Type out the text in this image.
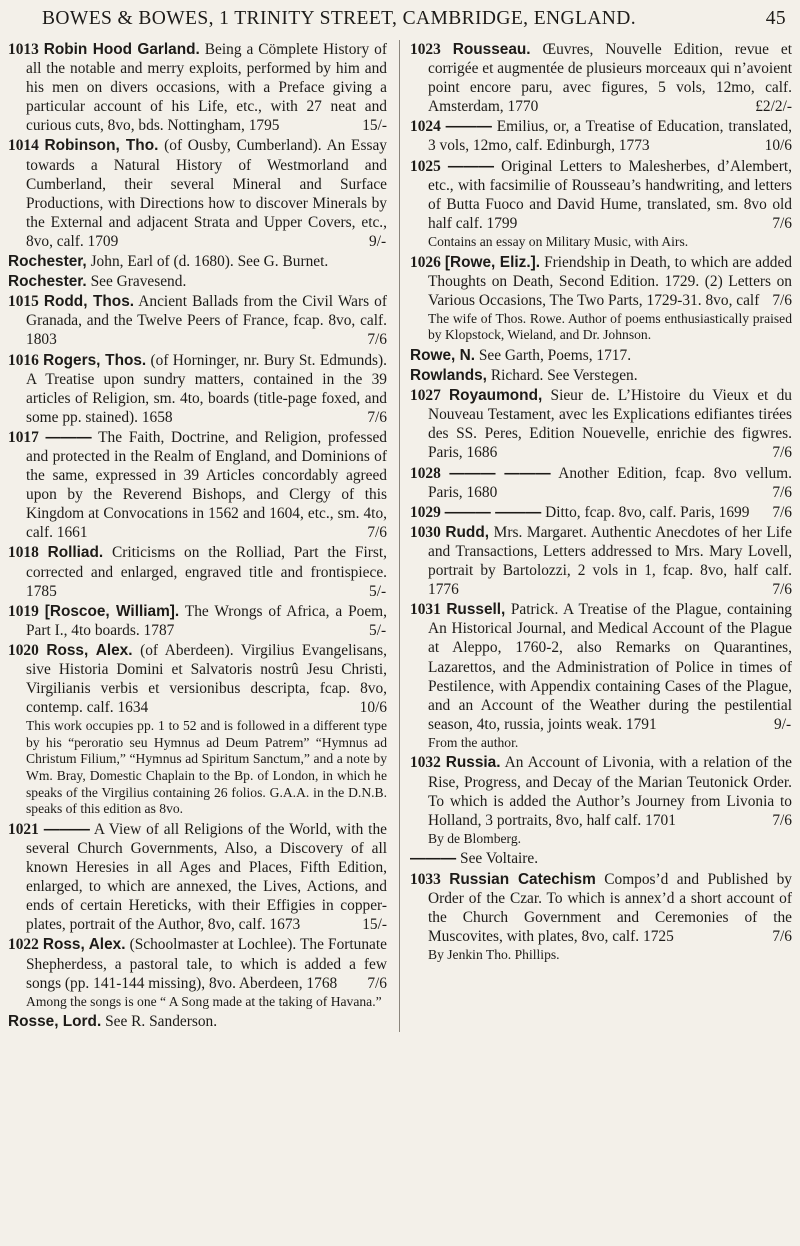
BOWES & BOWES, 1 TRINITY STREET, CAMBRIDGE, ENGLAND.	45

1013 Robin Hood Garland. Being a Cömplete History of all the notable and merry exploits, performed by him and his men on divers occasions, with a Preface giving a particular account of his Life, etc., with 27 neat and curious cuts, 8vo, bds. Nottingham, 1795	15/-

1014 Robinson, Tho. (of Ousby, Cumberland). An Essay towards a Natural History of Westmorland and Cumberland, their several Mineral and Surface Productions, with Directions how to discover Minerals by the External and adjacent Strata and Upper Covers, etc., 8vo, calf. 1709	9/-

Rochester, John, Earl of (d. 1680). See G. Burnet.

Rochester. See Gravesend.

1015 Rodd, Thos. Ancient Ballads from the Civil Wars of Granada, and the Twelve Peers of France, fcap. 8vo, calf. 1803	7/6

1016 Rogers, Thos. (of Horninger, nr. Bury St. Edmunds). A Treatise upon sundry matters, contained in the 39 articles of Religion, sm. 4to, boards (title-page foxed, and some pp. stained). 1658	7/6

1017 ——— The Faith, Doctrine, and Religion, professed and protected in the Realm of England, and Dominions of the same, expressed in 39 Articles concordably agreed upon by the Reverend Bishops, and Clergy of this Kingdom at Convocations in 1562 and 1604, etc., sm. 4to, calf. 1661	7/6

1018 Rolliad. Criticisms on the Rolliad, Part the First, corrected and enlarged, engraved title and frontispiece. 1785	5/-

1019 [Roscoe, William]. The Wrongs of Africa, a Poem, Part I., 4to boards. 1787	5/-

1020 Ross, Alex. (of Aberdeen). Virgilius Evangelisans, sive Historia Domini et Salvatoris nostrû Jesu Christi, Virgilianis verbis et versionibus descripta, fcap. 8vo, contemp. calf. 1634	10/6

This work occupies pp. 1 to 52 and is followed in a different type by his “peroratio seu Hymnus ad Deum Patrem” “Hymnus ad Christum Filium,” “Hymnus ad Spiritum Sanctum,” and a note by Wm. Bray, Domestic Chaplain to the Bp. of London, in which he speaks of the Virgilius containing 26 folios. G.A.A. in the D.N.B. speaks of this edition as 8vo.

1021 ——— A View of all Religions of the World, with the several Church Governments, Also, a Discovery of all known Heresies in all Ages and Places, Fifth Edition, enlarged, to which are annexed, the Lives, Actions, and ends of certain Hereticks, with their Effigies in copper-plates, portrait of the Author, 8vo, calf. 1673	15/-

1022 Ross, Alex. (Schoolmaster at Lochlee). The Fortunate Shepherdess, a pastoral tale, to which is added a few songs (pp. 141-144 missing), 8vo. Aberdeen, 1768 7/6

Among the songs is one “ A Song made at the taking of Havana.”

Rosse, Lord. See R. Sanderson.

1023 Rousseau. Œuvres, Nouvelle Edition, revue et corrigée et augmentée de plusieurs morceaux qui n’avoient point encore paru, avec figures, 5 vols, 12mo, calf. Amsterdam, 1770	£2/2/-

1024 ——— Emilius, or, a Treatise of Education, translated, 3 vols, 12mo, calf. Edinburgh, 1773	10/6

1025 ——— Original Letters to Malesherbes, d’Alembert, etc., with facsimilie of Rousseau’s handwriting, and letters of Butta Fuoco and David Hume, translated, sm. 8vo old half calf. 1799	7/6

Contains an essay on Military Music, with Airs.

1026 [Rowe, Eliz.]. Friendship in Death, to which are added Thoughts on Death, Second Edition. 1729. (2) Letters on Various Occasions, The Two Parts, 1729-31. 8vo, calf 7/6

The wife of Thos. Rowe. Author of poems enthusiastically praised by Klopstock, Wieland, and Dr. Johnson.

Rowe, N. See Garth, Poems, 1717.

Rowlands, Richard. See Verstegen.

1027 Royaumond, Sieur de. L’Histoire du Vieux et du Nouveau Testament, avec les Explications edifiantes tirées des SS. Peres, Edition Nouevelle, enrichie des figwres. Paris, 1686	7/6

1028 ——— ——— Another Edition, fcap. 8vo vellum. Paris, 1680	7/6

1029 ——— ——— Ditto, fcap. 8vo, calf. Paris, 1699 7/6

1030 Rudd, Mrs. Margaret. Authentic Anecdotes of her Life and Transactions, Letters addressed to Mrs. Mary Lovell, portrait by Bartolozzi, 2 vols in 1, fcap. 8vo, half calf. 1776	7/6

1031 Russell, Patrick. A Treatise of the Plague, containing An Historical Journal, and Medical Account of the Plague at Aleppo, 1760-2, also Remarks on Quarantines, Lazarettos, and the Administration of Police in times of Pestilence, with Appendix containing Cases of the Plague, and an Account of the Weather during the pestilential season, 4to, russia, joints weak. 1791	9/-

From the author.

1032 Russia. An Account of Livonia, with a relation of the Rise, Progress, and Decay of the Marian Teutonick Order. To which is added the Author’s Journey from Livonia to Holland, 3 portraits, 8vo, half calf. 1701	7/6

By de Blomberg.

——— See Voltaire.

1033 Russian Catechism Compos’d and Published by Order of the Czar. To which is annex’d a short account of the Church Government and Ceremonies of the Muscovites, with plates, 8vo, calf. 1725	7/6

By Jenkin Tho. Phillips.
